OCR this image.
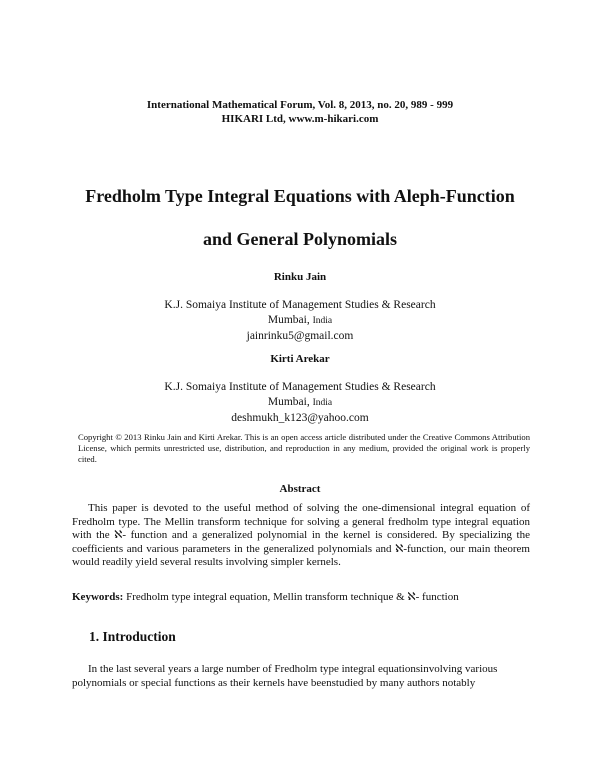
International Mathematical Forum, Vol. 8, 2013, no. 20, 989 - 999
HIKARI Ltd, www.m-hikari.com
Fredholm Type Integral Equations with Aleph-Function
and General Polynomials
Rinku Jain
K.J. Somaiya Institute of Management Studies & Research
Mumbai, India
jainrinku5@gmail.com
Kirti Arekar
K.J. Somaiya Institute of Management Studies & Research
Mumbai, India
deshmukh_k123@yahoo.com
Copyright © 2013 Rinku Jain and Kirti Arekar. This is an open access article distributed under the Creative Commons Attribution License, which permits unrestricted use, distribution, and reproduction in any medium, provided the original work is properly cited.
Abstract
This paper is devoted to the useful method of solving the one-dimensional integral equation of Fredholm type. The Mellin transform technique for solving a general fredholm type integral equation with the ℵ- function and a generalized polynomial in the kernel is considered. By specializing the coefficients and various parameters in the generalized polynomials and ℵ-function, our main theorem would readily yield several results involving simpler kernels.
Keywords: Fredholm type integral equation, Mellin transform technique & ℵ- function
1. Introduction
In the last several years a large number of Fredholm type integral equationsinvolving various polynomials or special functions as their kernels have beenstudied by many authors notably
